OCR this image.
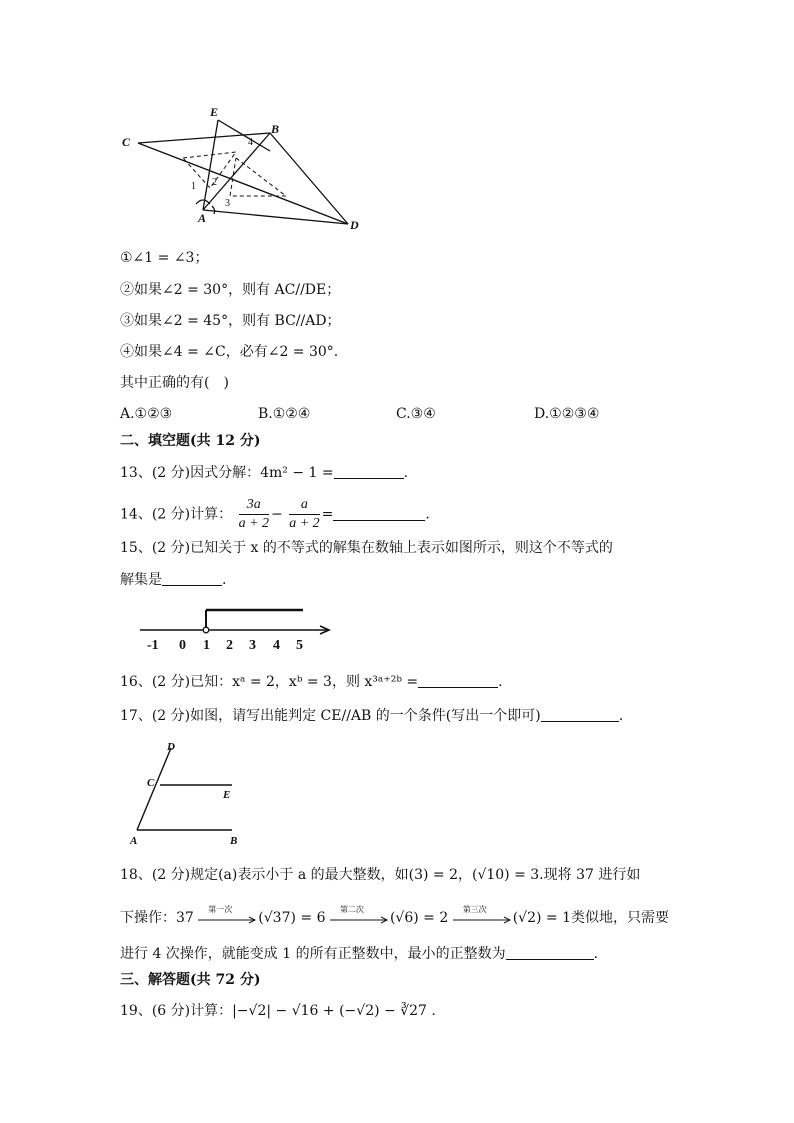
C
E
B
A	D
1 2
3
4
①∠1 = ∠3；
②如果∠2 = 30°，则有 AC//DE；
③如果∠2 = 45°，则有 BC//AD；
④如果∠4 = ∠C，必有∠2 = 30°.
其中正确的有(　)
A.①②③	B.①②④	C.③④	D.①②③④
二、填空题(共 12 分)
13、(2 分)因式分解：4m² − 1 =	.
14、(2 分)计算： $\frac{3a}{a + 2} - \frac{a}{a + 2}$ =	.
15、(2 分)已知关于 x 的不等式的解集在数轴上表示如图所示，则这个不等式的
解集是	.
-1 0 1 2 3 4 5
16、(2 分)已知：xᵃ = 2，xᵇ = 3，则 x³ᵃ⁺²ᵇ =	.
17、(2 分)如图，请写出能判定 CE//AB 的一个条件(写出一个即可)	.
D
C
E
A	B
18、(2 分)规定(a)表示小于 a 的最大整数，如(3) = 2，(√10) = 3.现将 37 进行如
下操作：37
第一次
(√37) = 6
第二次
(√6) = 2
第三次
(√2) = 1类似地，只需要
进行 4 次操作，就能变成 1 的所有正整数中，最小的正整数为	.
三、解答题(共 72 分)
19、(6 分)计算：|−√2| − √16 + (−√2) − ∛27 .
